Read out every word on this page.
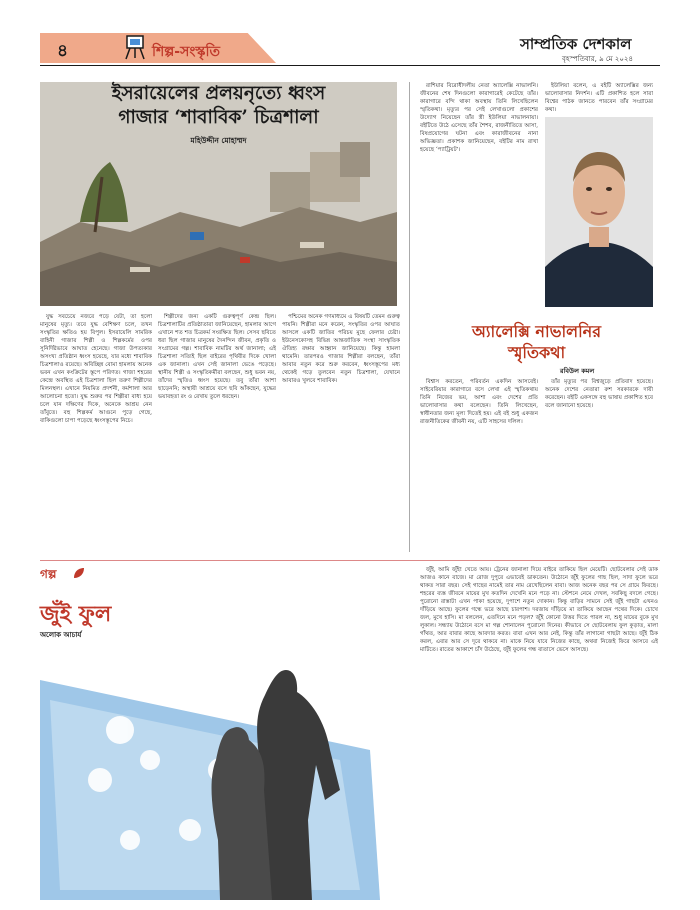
৪	শিল্প-সংস্কৃতি	সাম্প্রতিক দেশকাল
বৃহস্পতিবার, ৯ মে ২০২৪
ইসরায়েলের প্রলয়নৃত্যে ধ্বংস
গাজার ‘শাবাবিক’ চিত্রশালা
মহিউদ্দীন মোহাম্মদ

যুদ্ধ সবচেয়ে নজরে পড়ে যেটা, তা হলো মানুষের মৃত্যু। তবে যুদ্ধ বেশিক্ষণ চলে, তখন সংস্কৃতির ক্ষতিও হয় বিপুল। ইসরায়েলি সামরিক বাহিনী গাজার শিল্পী ও শিল্পকর্মের ওপর সুনির্দিষ্টভাবে আঘাত হেনেছে। গাজা উপত্যকার অসংখ্য প্রতিষ্ঠান ধ্বংস হয়েছে, যার মধ্যে শাবাবিক চিত্রশালাও রয়েছে। অবিচ্ছিন্ন বোমা হামলায় অনেক ভবন এখন কংক্রিটের স্তূপে পরিণত। গাজা শহরের কেন্দ্রে অবস্থিত এই চিত্রশালা ছিল তরুণ শিল্পীদের মিলনস্থল। এখানে নিয়মিত প্রদর্শনী, কর্মশালা আর আলোচনা হতো। যুদ্ধ শুরুর পর শিল্পীরা বাধ্য হয়ে চলে যান দক্ষিণের দিকে, অনেকে আশ্রয় নেন তাঁবুতে। বহু শিল্পকর্ম আগুনে পুড়ে গেছে, বাকিগুলো চাপা পড়েছে ধ্বংসস্তূপের নিচে।

শিল্পীদের জন্য একটি গুরুত্বপূর্ণ কেন্দ্র ছিল। চিত্রশালাটির প্রতিষ্ঠাতারা জানিয়েছেন, হামলার আগে এখানে শত শত চিত্রকর্ম সংরক্ষিত ছিল। সেসব ছবিতে ধরা ছিল গাজার মানুষের দৈনন্দিন জীবন, প্রকৃতি ও সংগ্রামের গল্প। শাবাবিক নামটির অর্থ জানালা; এই চিত্রশালা সত্যিই ছিল বাইরের পৃথিবীর দিকে খোলা এক জানালা। এখন সেই জানালা ভেঙে পড়েছে। স্থানীয় শিল্পী ও সংস্কৃতিকর্মীরা বলছেন, শুধু ভবন নয়, তাঁদের স্মৃতিও ধ্বংস হয়েছে। তবু তাঁরা আশা ছাড়েননি; অস্থায়ী আশ্রয়ে বসে ছবি আঁকছেন, যুদ্ধের ভয়াবহতা রং ও রেখায় তুলে ধরছেন।

পশ্চিমের অনেক গণমাধ্যমে এ বিষয়টি তেমন গুরুত্ব পায়নি। শিল্পীরা মনে করেন, সংস্কৃতির ওপর আঘাত আসলে একটি জাতির পরিচয় মুছে ফেলার চেষ্টা। ইউনেসকোসহ বিভিন্ন আন্তর্জাতিক সংস্থা সাংস্কৃতিক ঐতিহ্য রক্ষার আহ্বান জানিয়েছে। কিন্তু হামলা থামেনি। তারপরও গাজার শিল্পীরা বলছেন, তাঁরা আবার নতুন করে শুরু করবেন, ধ্বংসস্তূপের মধ্য থেকেই গড়ে তুলবেন নতুন চিত্রশালা, যেখানে আবারও খুলবে শাবাবিক।

রাশিয়ার বিরোধীদলীয় নেতা অ্যালেক্সি নাভালনি। জীবনের শেষ দিনগুলো কারাগারেই কেটেছে তাঁর। কারাগারে বন্দি থাকা অবস্থায় তিনি লিখেছিলেন স্মৃতিকথা। মৃত্যুর পর সেই লেখাগুলো প্রকাশের উদ্যোগ নিয়েছেন তাঁর স্ত্রী ইউলিয়া নাভালনায়া। বইটিতে উঠে এসেছে তাঁর শৈশব, রাজনীতিতে আসা, বিষপ্রয়োগের ঘটনা এবং কারাজীবনের নানা অভিজ্ঞতা। প্রকাশক জানিয়েছেন, বইটির নাম রাখা হয়েছে ‘প্যাট্রিয়ট’।

ইউলিয়া বলেন, এ বইটি অ্যালেক্সির জন্য ভালোবাসার নিদর্শন। এটি প্রকাশিত হলে সারা বিশ্বের পাঠক জানতে পারবেন তাঁর সংগ্রামের কথা।

অ্যালেক্সি নাভালনির
স্মৃতিকথা
রবিউল কমল

বিশ্বাস করতেন, পরিবর্তন একদিন আসবেই। সাইবেরিয়ার কারাগারে বসে লেখা এই স্মৃতিকথায় তিনি নিজের ভয়, আশা এবং দেশের প্রতি ভালোবাসার কথা বলেছেন। তিনি লিখেছেন, স্বাধীনতার জন্য মূল্য দিতেই হয়। এই বই শুধু একজন রাজনীতিকের জীবনী নয়, এটি সাহসের দলিল।

তাঁর মৃত্যুর পর বিশ্বজুড়ে প্রতিবাদ হয়েছে। অনেক দেশের নেতারা রুশ সরকারকে দায়ী করেছেন। বইটি একসঙ্গে বহু ভাষায় প্রকাশিত হবে বলে জানানো হয়েছে।

গল্প
জুঁই ফুল
অলোক আচার্য

জুঁই, আমি জুঁই! খেতে আয়। ট্রেনের জানালা দিয়ে বাইরে তাকিয়ে ছিল মেয়েটি। ছোটবেলার সেই ডাক আজও কানে বাজে। মা রোজ দুপুরে এভাবেই ডাকতেন। উঠোনে জুঁই ফুলের গাছ ছিল, সাদা ফুলে ভরে থাকত সারা বছর। সেই গাছের নামেই তার নাম রেখেছিলেন বাবা। আজ অনেক বছর পর সে গ্রামে ফিরছে। শহরের ব্যস্ত জীবনে মায়ের মুখ কতদিন দেখেনি মনে পড়ে না। স্টেশনে নেমে দেখল, সবকিছু বদলে গেছে। পুরোনো রাস্তাটা এখন পাকা হয়েছে, দুপাশে নতুন দোকান। কিন্তু বাড়ির সামনে সেই জুঁই গাছটা এখনও দাঁড়িয়ে আছে। ফুলের গন্ধে ভরে আছে চারপাশ। দরজায় দাঁড়িয়ে মা তাকিয়ে আছেন পথের দিকে। চোখে জল, মুখে হাসি। মা বললেন, এতদিনে মনে পড়ল? জুঁই কোনো উত্তর দিতে পারল না, শুধু মায়ের বুকে মুখ লুকাল। সন্ধ্যায় উঠোনে বসে মা গল্প শোনালেন পুরোনো দিনের। কীভাবে সে ছোটবেলায় ফুল কুড়াত, মালা গাঁথত, আর বাবার কাছে আবদার করত। বাবা এখন আর নেই, কিন্তু তাঁর লাগানো গাছটা আছে। জুঁই ঠিক করল, এবার আর সে দূরে থাকবে না। মাকে নিয়ে যাবে নিজের কাছে, অথবা নিজেই ফিরে আসবে এই মাটিতে। রাতের আকাশে চাঁদ উঠেছে, জুঁই ফুলের গন্ধ বাতাসে ভেসে আসছে।
